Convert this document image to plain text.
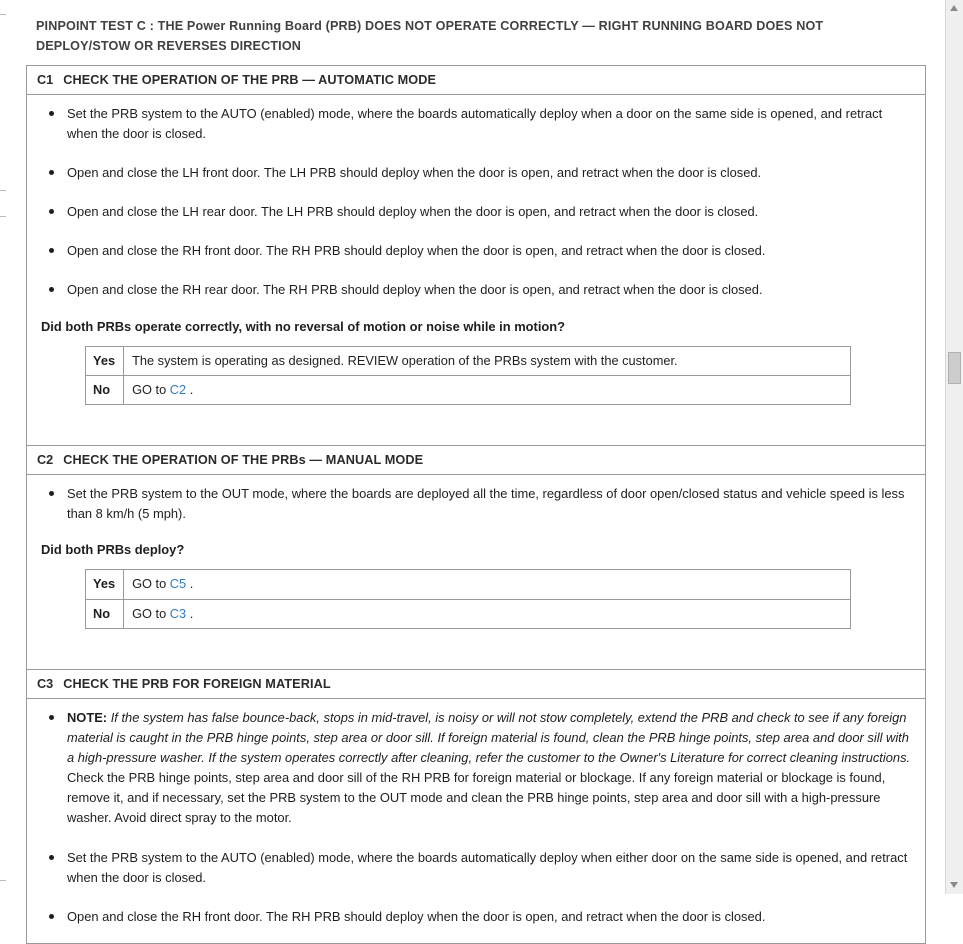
PINPOINT TEST C : THE Power Running Board (PRB) DOES NOT OPERATE CORRECTLY — RIGHT RUNNING BOARD DOES NOT DEPLOY/STOW OR REVERSES DIRECTION
C1 CHECK THE OPERATION OF THE PRB — AUTOMATIC MODE
Set the PRB system to the AUTO (enabled) mode, where the boards automatically deploy when a door on the same side is opened, and retract when the door is closed.
Open and close the LH front door. The LH PRB should deploy when the door is open, and retract when the door is closed.
Open and close the LH rear door. The LH PRB should deploy when the door is open, and retract when the door is closed.
Open and close the RH front door. The RH PRB should deploy when the door is open, and retract when the door is closed.
Open and close the RH rear door. The RH PRB should deploy when the door is open, and retract when the door is closed.
Did both PRBs operate correctly, with no reversal of motion or noise while in motion?
Yes	The system is operating as designed. REVIEW operation of the PRBs system with the customer.
No	GO to C2 .
C2 CHECK THE OPERATION OF THE PRBs — MANUAL MODE
Set the PRB system to the OUT mode, where the boards are deployed all the time, regardless of door open/closed status and vehicle speed is less than 8 km/h (5 mph).
Did both PRBs deploy?
Yes	GO to C5 .
No	GO to C3 .
C3 CHECK THE PRB FOR FOREIGN MATERIAL
NOTE: If the system has false bounce-back, stops in mid-travel, is noisy or will not stow completely, extend the PRB and check to see if any foreign material is caught in the PRB hinge points, step area or door sill. If foreign material is found, clean the PRB hinge points, step area and door sill with a high-pressure washer. If the system operates correctly after cleaning, refer the customer to the Owner's Literature for correct cleaning instructions. Check the PRB hinge points, step area and door sill of the RH PRB for foreign material or blockage. If any foreign material or blockage is found, remove it, and if necessary, set the PRB system to the OUT mode and clean the PRB hinge points, step area and door sill with a high-pressure washer. Avoid direct spray to the motor.
Set the PRB system to the AUTO (enabled) mode, where the boards automatically deploy when either door on the same side is opened, and retract when the door is closed.
Open and close the RH front door. The RH PRB should deploy when the door is open, and retract when the door is closed.
